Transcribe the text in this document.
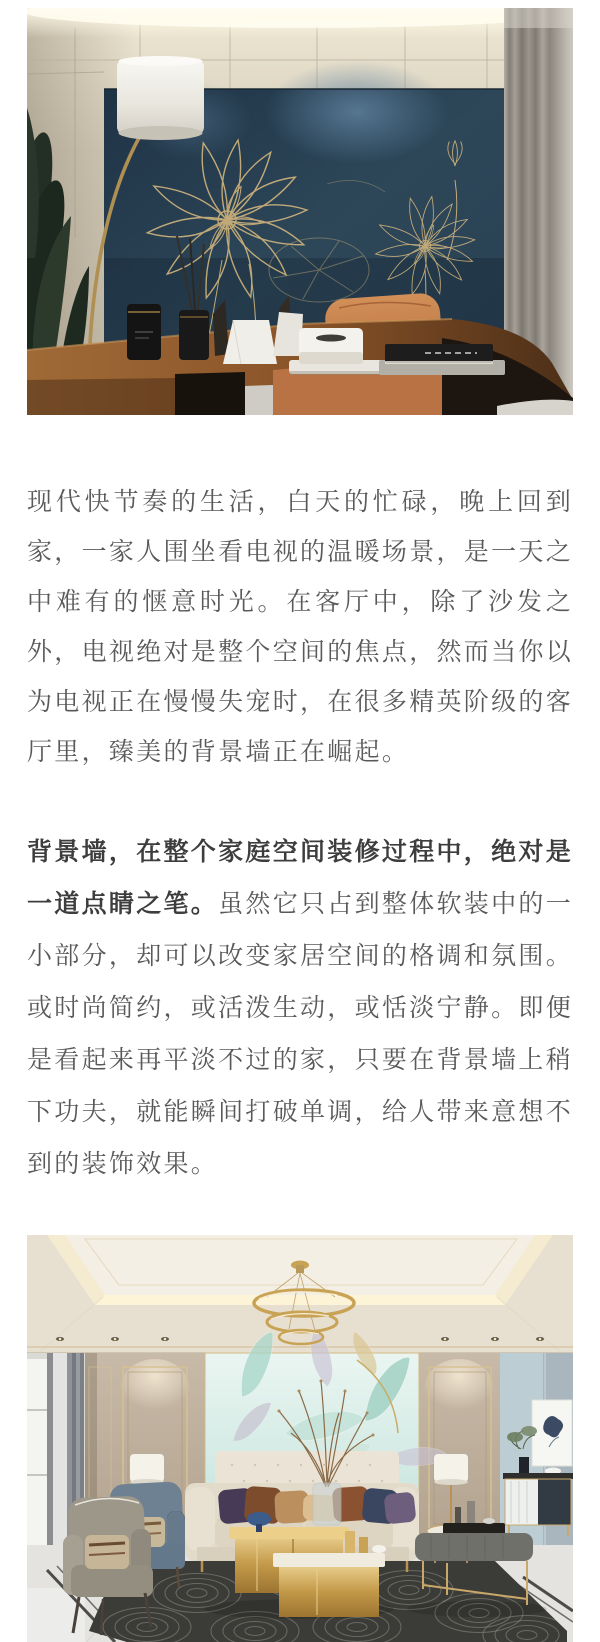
现代快节奏的生活，白天的忙碌，晚上回到家，一家人围坐看电视的温暖场景，是一天之中难有的惬意时光。在客厅中，除了沙发之外，电视绝对是整个空间的焦点，然而当你以为电视正在慢慢失宠时，在很多精英阶级的客厅里，臻美的背景墙正在崛起。

背景墙，在整个家庭空间装修过程中，绝对是一道点睛之笔。虽然它只占到整体软装中的一小部分，却可以改变家居空间的格调和氛围。或时尚简约，或活泼生动，或恬淡宁静。即便是看起来再平淡不过的家，只要在背景墙上稍下功夫，就能瞬间打破单调，给人带来意想不到的装饰效果。
